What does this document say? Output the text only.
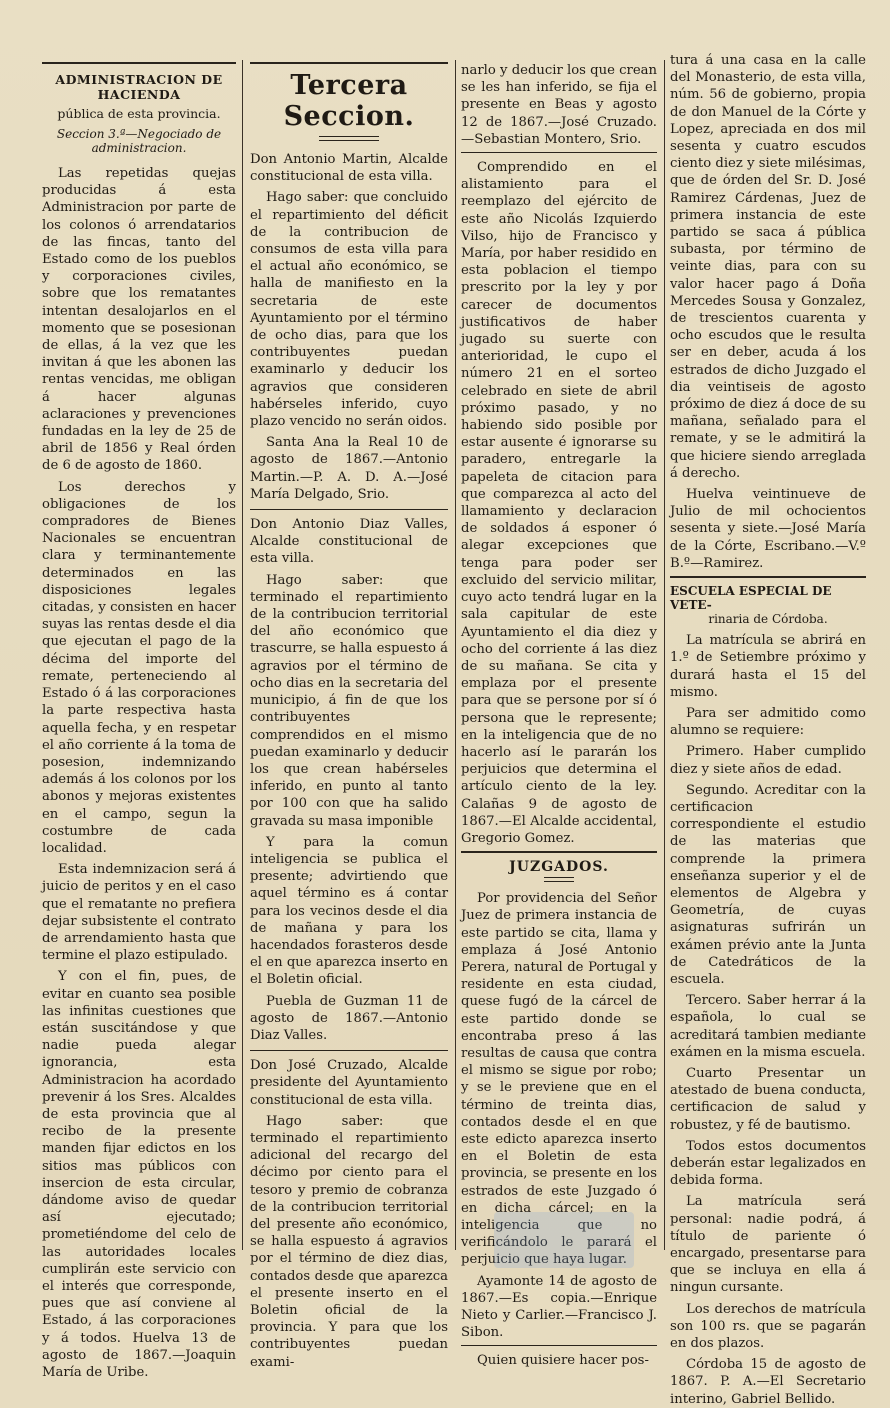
ADMINISTRACION DE HACIENDA
pública de esta provincia.
Seccion 3.ª—Negociado de administracion.

Las repetidas quejas producidas á esta Administracion por parte de los colonos ó arrendatarios de las fincas, tanto del Estado como de los pueblos y corporaciones civiles, sobre que los rematantes intentan desalojarlos en el momento que se posesionan de ellas, á la vez que les invitan á que les abonen las rentas vencidas, me obligan á hacer algunas aclaraciones y prevenciones fundadas en la ley de 25 de abril de 1856 y Real órden de 6 de agosto de 1860.

Los derechos y obligaciones de los compradores de Bienes Nacionales se encuentran clara y terminantemente determinados en las disposiciones legales citadas, y consisten en hacer suyas las rentas desde el dia que ejecutan el pago de la décima del importe del remate, perteneciendo al Estado ó á las corporaciones la parte respectiva hasta aquella fecha, y en respetar el año corriente á la toma de posesion, indemnizando además á los colonos por los abonos y mejoras existentes en el campo, segun la costumbre de cada localidad.

Esta indemnizacion será á juicio de peritos y en el caso que el rematante no prefiera dejar subsistente el contrato de arrendamiento hasta que termine el plazo estipulado.

Y con el fin, pues, de evitar en cuanto sea posible las infinitas cuestiones que están suscitándose y que nadie pueda alegar ignorancia, esta Administracion ha acordado prevenir á los Sres. Alcaldes de esta provincia que al recibo de la presente manden fijar edictos en los sitios mas públicos con insercion de esta circular, dándome aviso de quedar así ejecutado; prometiéndome del celo de las autoridades locales cumplirán este servicio con el interés que corresponde, pues que así conviene al Estado, á las corporaciones y á todos. Huelva 13 de agosto de 1867.—Joaquin María de Uribe.

Tercera Seccion.

Don Antonio Martin, Alcalde constitucional de esta villa.

Hago saber: que concluido el repartimiento del déficit de la contribucion de consumos de esta villa para el actual año económico, se halla de manifiesto en la secretaria de este Ayuntamiento por el término de ocho dias, para que los contribuyentes puedan examinarlo y deducir los agravios que consideren habérseles inferido, cuyo plazo vencido no serán oidos.

Santa Ana la Real 10 de agosto de 1867.—Antonio Martin.—P. A. D. A.—José María Delgado, Srio.

Don Antonio Diaz Valles, Alcalde constitucional de esta villa.

Hago saber: que terminado el repartimiento de la contribucion territorial del año económico que trascurre, se halla espuesto á agravios por el término de ocho dias en la secretaria del municipio, á fin de que los contribuyentes comprendidos en el mismo puedan examinarlo y deducir los que crean habérseles inferido, en punto al tanto por 100 con que ha salido gravada su masa imponible

Y para la comun inteligencia se publica el presente; advirtiendo que aquel término es á contar para los vecinos desde el dia de mañana y para los hacendados forasteros desde el en que aparezca inserto en el Boletin oficial.

Puebla de Guzman 11 de agosto de 1867.—Antonio Diaz Valles.

Don José Cruzado, Alcalde presidente del Ayuntamiento constitucional de esta villa.

Hago saber: que terminado el repartimiento adicional del recargo del décimo por ciento para el tesoro y premio de cobranza de la contribucion territorial del presente año económico, se halla espuesto á agravios por el término de diez dias, contados desde que aparezca el presente inserto en el Boletin oficial de la provincia. Y para que los contribuyentes puedan exami-

narlo y deducir los que crean se les han inferido, se fija el presente en Beas y agosto 12 de 1867.—José Cruzado.—Sebastian Montero, Srio.

Comprendido en el alistamiento para el reemplazo del ejército de este año Nicolás Izquierdo Vilso, hijo de Francisco y María, por haber residido en esta poblacion el tiempo prescrito por la ley y por carecer de documentos justificativos de haber jugado su suerte con anterioridad, le cupo el número 21 en el sorteo celebrado en siete de abril próximo pasado, y no habiendo sido posible por estar ausente é ignorarse su paradero, entregarle la papeleta de citacion para que comparezca al acto del llamamiento y declaracion de soldados á esponer ó alegar excepciones que tenga para poder ser excluido del servicio militar, cuyo acto tendrá lugar en la sala capitular de este Ayuntamiento el dia diez y ocho del corriente á las diez de su mañana. Se cita y emplaza por el presente para que se persone por sí ó persona que le represente; en la inteligencia que de no hacerlo así le pararán los perjuicios que determina el artículo ciento de la ley. Calañas 9 de agosto de 1867.—El Alcalde accidental, Gregorio Gomez.

JUZGADOS.

Por providencia del Señor Juez de primera instancia de este partido se cita, llama y emplaza á José Antonio Perera, natural de Portugal y residente en esta ciudad, quese fugó de la cárcel de este partido donde se encontraba preso á las resultas de causa que contra el mismo se sigue por robo; y se le previene que en el término de treinta dias, contados desde el en que este edicto aparezca inserto en el Boletin de esta provincia, se presente en los estrados de este Juzgado ó en dicha cárcel; en la inteligencia que no verificándolo le parará el perjuicio que haya lugar.

Ayamonte 14 de agosto de 1867.—Es copia.—Enrique Nieto y Carlier.—Francisco J. Sibon.

Quien quisiere hacer pos-

tura á una casa en la calle del Monasterio, de esta villa, núm. 56 de gobierno, propia de don Manuel de la Córte y Lopez, apreciada en dos mil sesenta y cuatro escudos ciento diez y siete milésimas, que de órden del Sr. D. José Ramirez Cárdenas, Juez de primera instancia de este partido se saca á pública subasta, por término de veinte dias, para con su valor hacer pago á Doña Mercedes Sousa y Gonzalez, de trescientos cuarenta y ocho escudos que le resulta ser en deber, acuda á los estrados de dicho Juzgado el dia veintiseis de agosto próximo de diez á doce de su mañana, señalado para el remate, y se le admitirá la que hiciere siendo arreglada á derecho.

Huelva veintinueve de Julio de mil ochocientos sesenta y siete.—José María de la Córte, Escribano.—V.º B.º—Ramirez.

ESCUELA ESPECIAL DE VETE-
rinaria de Córdoba.

La matrícula se abrirá en 1.º de Setiembre próximo y durará hasta el 15 del mismo.

Para ser admitido como alumno se requiere:

Primero. Haber cumplido diez y siete años de edad.

Segundo. Acreditar con la certificacion correspondiente el estudio de las materias que comprende la primera enseñanza superior y el de elementos de Algebra y Geometría, de cuyas asignaturas sufrirán un exámen prévio ante la Junta de Catedráticos de la escuela.

Tercero. Saber herrar á la española, lo cual se acreditará tambien mediante exámen en la misma escuela.

Cuarto Presentar un atestado de buena conducta, certificacion de salud y robustez, y fé de bautismo.

Todos estos documentos deberán estar legalizados en debida forma.

La matrícula será personal: nadie podrá, á título de pariente ó encargado, presentarse para que se incluya en ella á ningun cursante.

Los derechos de matrícula son 100 rs. que se pagarán en dos plazos.

Córdoba 15 de agosto de 1867. P. A.—El Secretario interino, Gabriel Bellido.
